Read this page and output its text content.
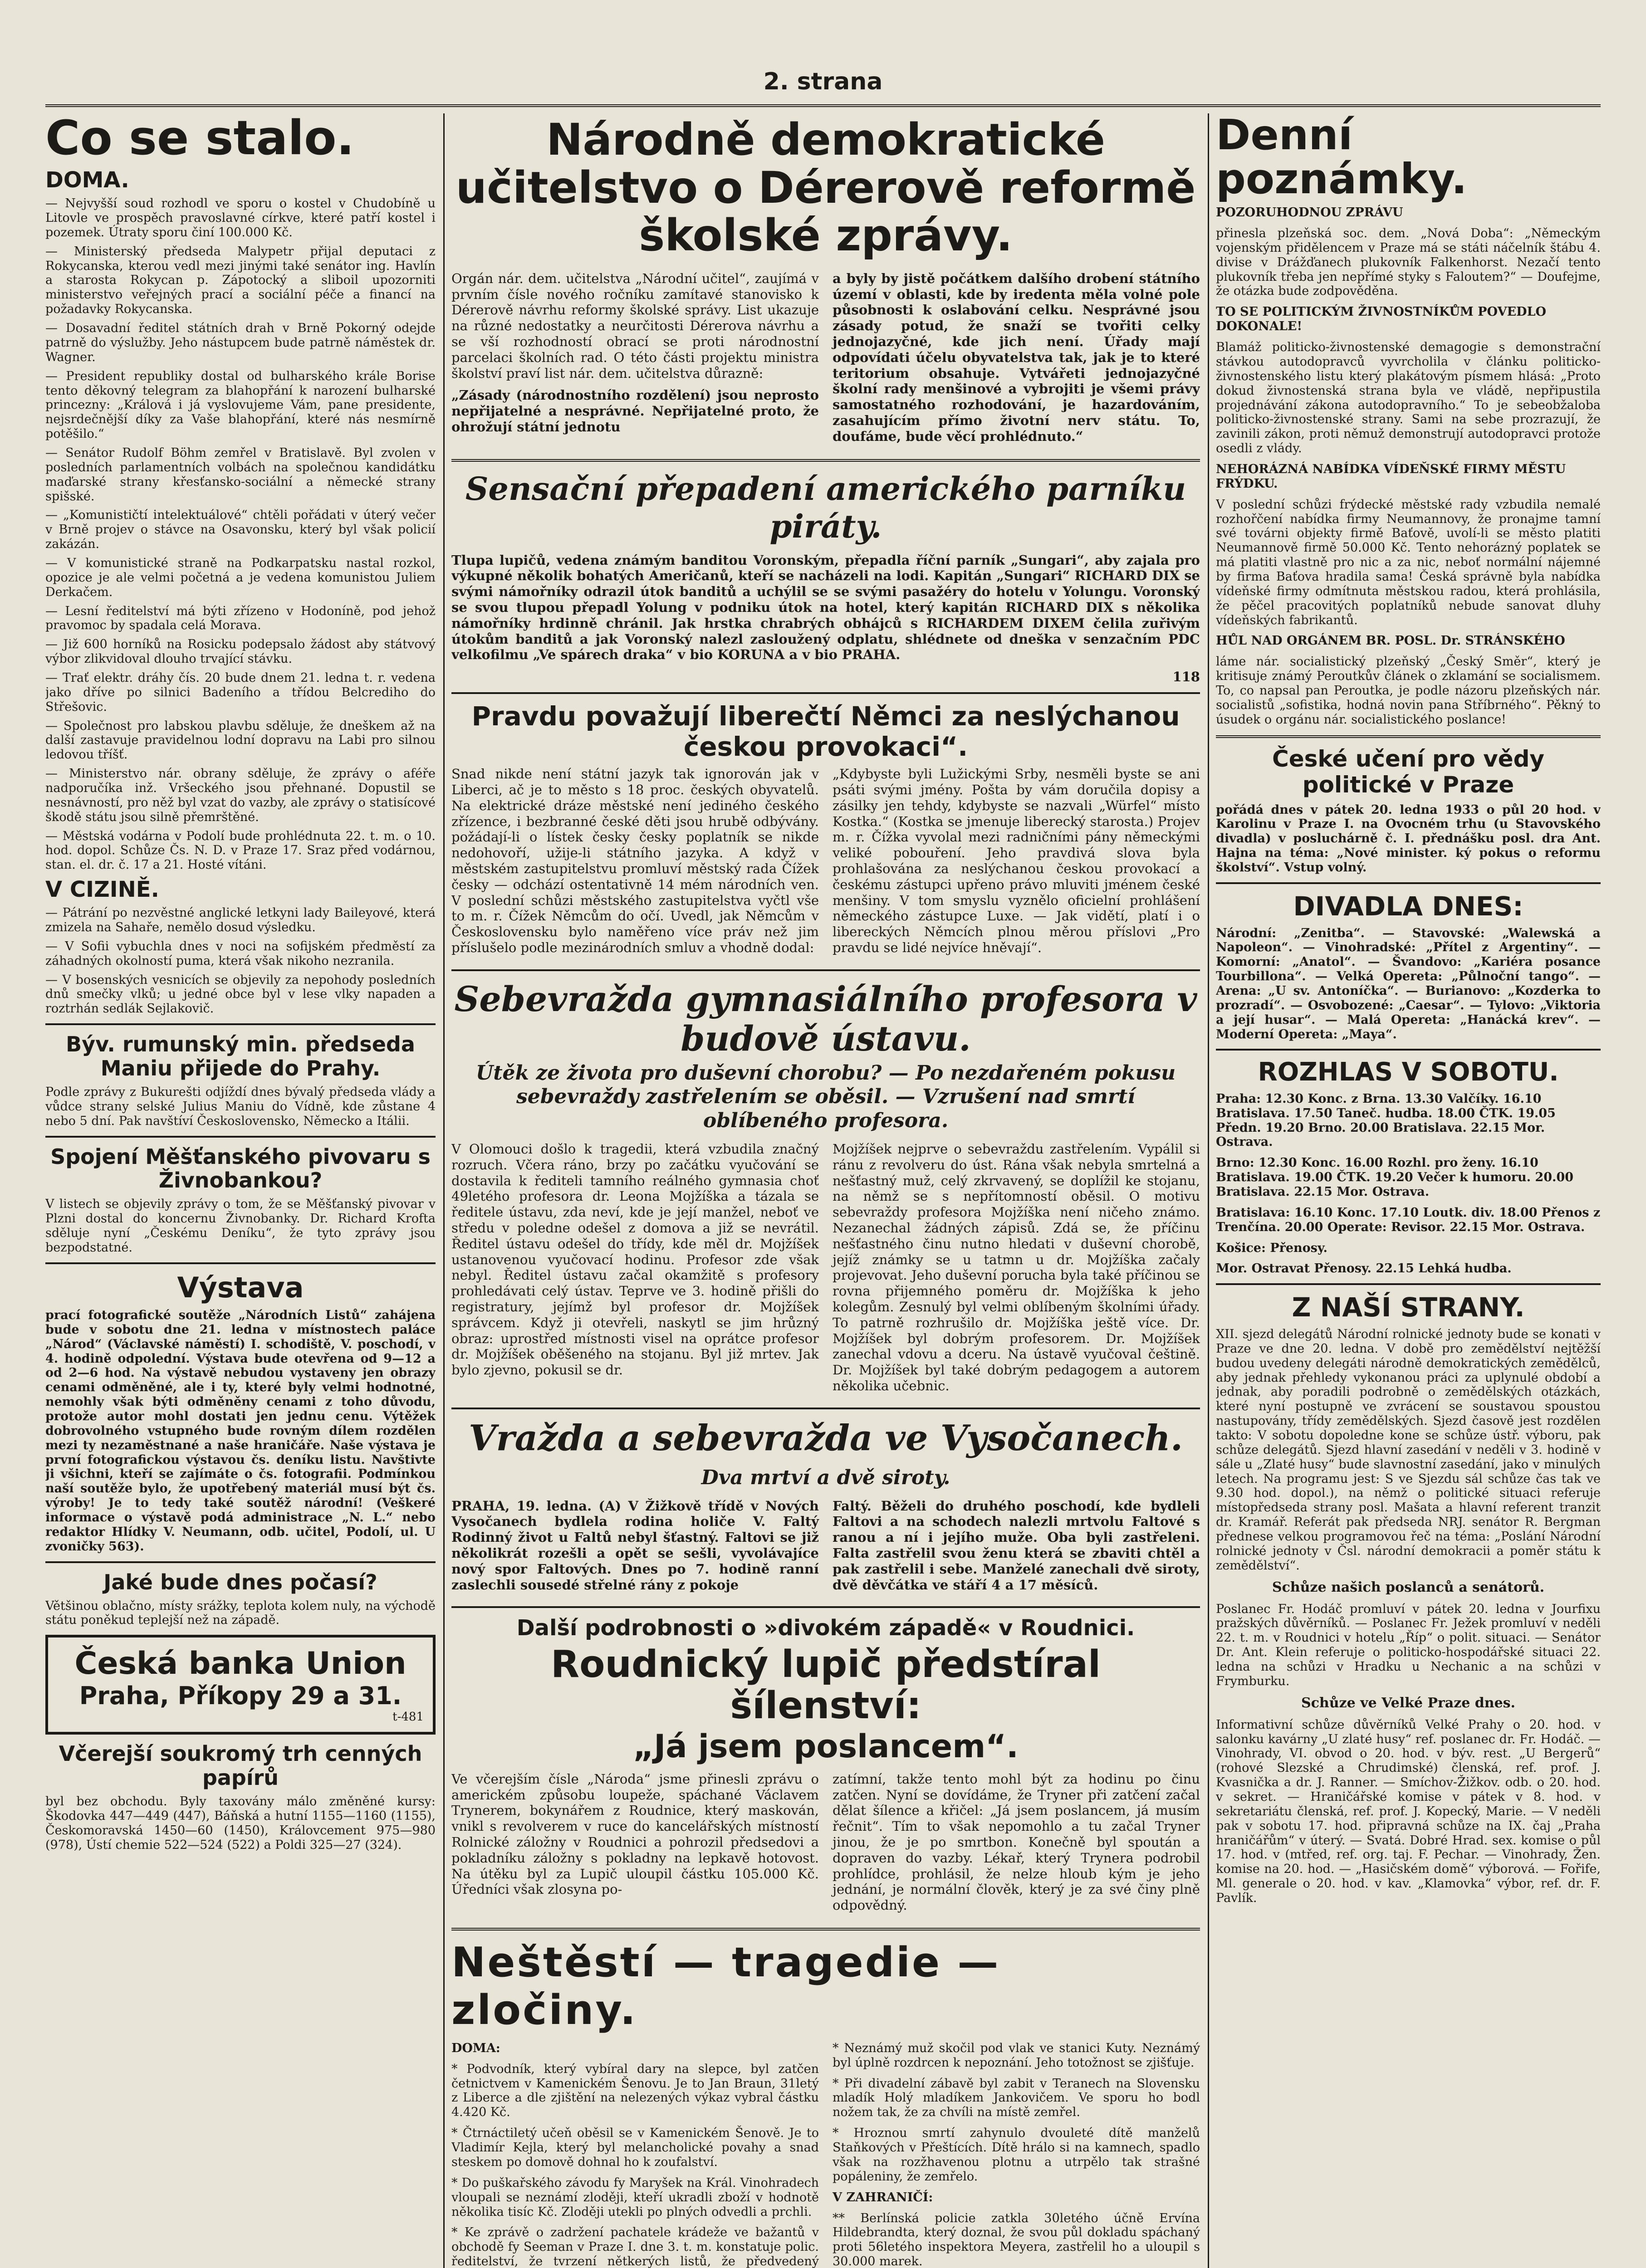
2. strana
Co se stalo.
DOMA.

— Nejvyšší soud rozhodl ve sporu o kostel v Chudobíně u Litovle ve prospěch pravoslavné církve, které patří kostel i pozemek. Útraty sporu činí 100.000 Kč.

— Ministerský předseda Malypetr přijal deputaci z Rokycanska, kterou vedl mezi jinými také senátor ing. Havlín a starosta Rokycan p. Zápotocký a sliboil upozorniti ministerstvo veřejných prací a sociální péče a financí na požadavky Rokycanska.

— Dosavadní ředitel státních drah v Brně Pokorný odejde patrně do výslužby. Jeho nástupcem bude patrně náměstek dr. Wagner.

— President republiky dostal od bulharského krále Borise tento děkovný telegram za blahopřání k narození bulharské princezny: „Králová i já vyslovujeme Vám, pane presidente, nejsrdečnější díky za Vaše blahopřání, které nás nesmírně potěšilo.“

— Senátor Rudolf Böhm zemřel v Bratislavě. Byl zvolen v posledních parlamentních volbách na společnou kandidátku maďarské strany křesťansko-sociální a německé strany spišské.

— „Komunističtí intelektuálové“ chtěli pořádati v úterý večer v Brně projev o stávce na Osavonsku, který byl však policií zakázán.

— V komunistické straně na Podkarpatsku nastal rozkol, opozice je ale velmi početná a je vedena komunistou Juliem Derkačem.

— Lesní ředitelství má býti zřízeno v Hodoníně, pod jehož pravomoc by spadala celá Morava.

— Již 600 horníků na Rosicku podepsalo žádost aby státvový výbor zlikvidoval dlouho trvající stávku.

— Trať elektr. dráhy čís. 20 bude dnem 21. ledna t. r. vedena jako dříve po silnici Badeního a třídou Belcrediho do Střešovic.

— Společnost pro labskou plavbu sděluje, že dneškem až na další zastavuje pravidelnou lodní dopravu na Labi pro silnou ledovou tříšť.

— Ministerstvo nár. obrany sděluje, že zprávy o aféře nadporučíka inž. Vršeckého jsou přehnané. Dopustil se nesnávností, pro něž byl vzat do vazby, ale zprávy o statisícové škodě státu jsou silně přemrštěné.

— Městská vodárna v Podolí bude prohlédnuta 22. t. m. o 10. hod. dopol. Schůze Čs. N. D. v Praze 17. Sraz před vodárnou, stan. el. dr. č. 17 a 21. Hosté vítáni.

V CIZINĚ.

— Pátrání po nezvěstné anglické letkyni lady Baileyové, která zmizela na Sahaře, nemělo dosud výsledku.

— V Sofii vybuchla dnes v noci na sofijském předměstí za záhadných okolností puma, která však nikoho nezranila.

— V bosenských vesnicích se objevily za nepohody posledních dnů smečky vlků; u jedné obce byl v lese vlky napaden a roztrhán sedlák Sejlakovič.

Býv. rumunský min. předseda Maniu přijede do Prahy.

Podle zprávy z Bukurešti odjíždí dnes bývalý předseda vlády a vůdce strany selské Julius Maniu do Vídně, kde zůstane 4 nebo 5 dní. Pak navštíví Československo, Německo a Itálii.

Spojení Měšťanského pivovaru s Živnobankou?

V listech se objevily zprávy o tom, že se Měšťanský pivovar v Plzni dostal do koncernu Živnobanky. Dr. Richard Krofta sděluje nyní „Českému Deníku“, že tyto zprávy jsou bezpodstatné.

Výstava

prací fotografické soutěže „Národních Listů“ zahájena bude v sobotu dne 21. ledna v místnostech paláce „Národ“ (Václavské náměstí) I. schodiště, V. poschodí, v 4. hodině odpolední. Výstava bude otevřena od 9—12 a od 2—6 hod. Na výstavě nebudou vystaveny jen obrazy cenami odměněné, ale i ty, které byly velmi hodnotné, nemohly však býti odměněny cenami z toho důvodu, protože autor mohl dostati jen jednu cenu. Výtěžek dobrovolného vstupného bude rovným dílem rozdělen mezi ty nezaměstnané a naše hraničáře. Naše výstava je první fotografickou výstavou čs. deníku listu. Navštivte ji všichni, kteří se zajímáte o čs. fotografii. Podmínkou naší soutěže bylo, že upotřebený materiál musí být čs. výroby! Je to tedy také soutěž národní! (Veškeré informace o výstavě podá administrace „N. L.“ nebo redaktor Hlídky V. Neumann, odb. učitel, Podolí, ul. U zvoničky 563).

Jaké bude dnes počasí?

Většinou oblačno, místy srážky, teplota kolem nuly, na východě státu poněkud teplejší než na západě.

Česká banka Union
Praha, Příkopy 29 a 31.
t-481
Včerejší soukromý trh cenných papírů

byl bez obchodu. Byly taxovány málo změněné kursy: Škodovka 447—449 (447), Báňská a hutní 1155—1160 (1155), Českomoravská 1450—60 (1450), Královcement 975—980 (978), Ústí chemie 522—524 (522) a Poldi 325—27 (324).

Národně demokratické učitelstvo o Dérerově reformě školské zprávy.

Orgán nár. dem. učitelstva „Národní učitel“, zaujímá v prvním čísle nového ročníku zamítavé stanovisko k Dérerově návrhu reformy školské správy. List ukazuje na různé nedostatky a neurčitosti Dérerova návrhu a se vší rozhodností obrací se proti národnostní parcelaci školních rad. O této části projektu ministra školství praví list nár. dem. učitelstva důrazně:

„Zásady (národnostního rozdělení) jsou neprosto nepřijatelné a nesprávné. Nepřijatelné proto, že ohrožují státní jednotu

a byly by jistě počátkem dalšího drobení státního území v oblasti, kde by iredenta měla volné pole působnosti k oslabování celku. Nesprávné jsou zásady potud, že snaží se tvořiti celky jednojazyčné, kde jich není. Úřady mají odpovídati účelu obyvatelstva tak, jak je to které teritorium obsahuje. Vytvářeti jednojazyčné školní rady menšinové a vybrojiti je všemi právy samostatného rozhodování, je hazardováním, zasahujícím přímo životní nerv státu. To, doufáme, bude věcí prohlédnuto.“

Sensační přepadení amerického parníku piráty.

Tlupa lupičů, vedena známým banditou Voronským, přepadla říční parník „Sungari“, aby zajala pro výkupné několik bohatých Američanů, kteří se nacházeli na lodi. Kapitán „Sungari“ RICHARD DIX se svými námořníky odrazil útok banditů a uchýlil se se svými pasažéry do hotelu v Yolungu. Voronský se svou tlupou přepadl Yolung v podniku útok na hotel, který kapitán RICHARD DIX s několika námořníky hrdinně chránil. Jak hrstka chrabrých obhájců s RICHARDEM DIXEM čelila zuřivým útokům banditů a jak Voronský nalezl zasloužený odplatu, shlédnete od dneška v senzačním PDC velkofilmu „Ve spárech draka“ v bio KORUNA a v bio PRAHA.

118

Pravdu považují liberečtí Němci za neslýchanou českou provokaci“.

Snad nikde není státní jazyk tak ignorován jak v Liberci, ač je to město s 18 proc. českých obyvatelů. Na elektrické dráze městské není jediného českého zřízence, i bezbranné české děti jsou hrubě odbývány. požádají-li o lístek česky česky poplatník se nikde nedohovoří, užije-li státního jazyka. A když v městském zastupitelstvu promluví městský rada Čížek česky — odchází ostentativně 14 mém národních ven. V poslední schůzi městského zastupitelstva vyčtl vše to m. r. Čížek Němcům do očí. Uvedl, jak Němcům v Československu bylo naměřeno více práv než jim příslušelo podle mezinárodních smluv a vhodně dodal:

„Kdybyste byli Lužickými Srby, nesměli byste se ani psáti svými jmény. Pošta by vám doručila dopisy a zásilky jen tehdy, kdybyste se nazvali „Würfel“ místo Kostka.“ (Kostka se jmenuje liberecký starosta.) Projev m. r. Čížka vyvolal mezi radničními pány německými veliké pobouření. Jeho pravdivá slova byla prohlašována za neslýchanou českou provokací a českému zástupci upřeno právo mluviti jménem české menšiny. V tom smyslu vyznělo oficielní prohlášení německého zástupce Luxe. — Jak vidětí, platí i o libereckých Němcích plnou měrou příslovi „Pro pravdu se lidé nejvíce hněvají“.

Sebevražda gymnasiálního profesora v budově ústavu.
Útěk ze života pro duševní chorobu? — Po nezdařeném pokusu sebevraždy zastřelením se oběsil. — Vzrušení nad smrtí oblíbeného profesora.

V Olomouci došlo k tragedii, která vzbudila značný rozruch. Včera ráno, brzy po začátku vyučování se dostavila k řediteli tamního reálného gymnasia choť 49letého profesora dr. Leona Mojžíška a tázala se ředitele ústavu, zda neví, kde je její manžel, neboť ve středu v poledne odešel z domova a již se nevrátil. Ředitel ústavu odešel do třídy, kde měl dr. Mojžíšek ustanovenou vyučovací hodinu. Profesor zde však nebyl. Ředitel ústavu začal okamžitě s profesory prohledávati celý ústav. Teprve ve 3. hodině přišli do registratury, jejímž byl profesor dr. Mojžíšek správcem. Když ji otevřeli, naskytl se jim hrůzný obraz: uprostřed místnosti visel na oprátce profesor dr. Mojžíšek oběšeného na stojanu. Byl již mrtev. Jak bylo zjevno, pokusil se dr.

Mojžíšek nejprve o sebevraždu zastřelením. Vypálil si ránu z revolveru do úst. Rána však nebyla smrtelná a nešťastný muž, celý zkrvavený, se doplížil ke stojanu, na němž se s nepřítomností oběsil. O motivu sebevraždy profesora Mojžíška není ničeho známo. Nezanechal žádných zápisů. Zdá se, že příčinu nešťastného činu nutno hledati v duševní chorobě, jejíž známky se u tatmn u dr. Mojžíška začaly projevovat. Jeho duševní porucha byla také příčinou se rovna přijemného poměru dr. Mojžíška k jeho kolegům. Zesnulý byl velmi oblíbeným školními úřady. To patrně rozhrušilo dr. Mojžíška ještě více. Dr. Mojžíšek byl dobrým profesorem. Dr. Mojžíšek zanechal vdovu a dceru. Na ústavě vyučoval češtině. Dr. Mojžíšek byl také dobrým pedagogem a autorem několika učebnic.

Vražda a sebevražda ve Vysočanech.
Dva mrtví a dvě siroty.

PRAHA, 19. ledna. (A) V Žižkově třídě v Nových Vysočanech bydlela rodina holiče V. Faltý Rodinný život u Faltů nebyl šťastný. Faltovi se již několikrát rozešli a opět se sešli, vyvolávajíce nový spor Faltových. Dnes po 7. hodině ranní zaslechli sousedé střelné rány z pokoje

Faltý. Běželi do druhého poschodí, kde bydleli Faltovi a na schodech nalezli mrtvolu Faltové s ranou a ní i jejího muže. Oba byli zastřeleni. Falta zastřelil svou ženu která se zbaviti chtěl a pak zastřelil i sebe. Manželé zanechali dvě siroty, dvě děvčátka ve stáří 4 a 17 měsíců.

Další podrobnosti o »divokém západě« v Roudnici.
Roudnický lupič předstíral šílenství:
„Já jsem poslancem“.

Ve včerejším čísle „Národa“ jsme přinesli zprávu o americkém způsobu loupeže, spáchané Václavem Trynerem, bokynářem z Roudnice, který maskován, vnikl s revolverem v ruce do kancelářských místností Rolnické záložny v Roudnici a pohrozil předsedovi a pokladníku záložny s pokladny na lepkavě hotovost. Na útěku byl za Lupič uloupil částku 105.000 Kč. Úředníci však zlosyna po-

zatímní, takže tento mohl být za hodinu po činu zatčen. Nyní se dovídáme, že Tryner při zatčení začal dělat šílence a křičel: „Já jsem poslancem, já musím řečnit“. Tím to však nepomohlo a tu začal Tryner jinou, že je po smrtbon. Konečně byl spoután a dopraven do vazby. Lékař, který Trynera podrobil prohlídce, prohlásil, že nelze hloub kým je jeho jednání, je normální člověk, který je za své činy plně odpovědný.

Neštěstí — tragedie — zločiny.

DOMA:

* Podvodník, který vybíral dary na slepce, byl zatčen četnictvem v Kamenickém Šenovu. Je to Jan Braun, 31letý z Liberce a dle zjištění na nelezených výkaz vybral částku 4.420 Kč.

* Čtrnáctiletý učeň oběsil se v Kamenickém Šenově. Je to Vladimír Kejla, který byl melancholické povahy a snad steskem po domově dohnal ho k zoufalství.

* Do puškařského závodu fy Maryšek na Král. Vinohradech vloupali se neznámí zloději, kteří ukradli zboží v hodnotě několika tisíc Kč. Zloději utekli po plných odvedli a prchli.

* Ke zprávě o zadržení pachatele krádeže ve bažantů v obchodě fy Seeman v Praze I. dne 3. t. m. konstatuje polic. ředitelství, že tvrzení nětkerých listů, že předvedený

* Neznámý muž skočil pod vlak ve stanici Kuty. Neznámý byl úplně rozdrcen k nepoznání. Jeho totožnost se zjišťuje.

* Při divadelní zábavě byl zabit v Teranech na Slovensku mladík Holý mladíkem Jankovičem. Ve sporu ho bodl nožem tak, že za chvíli na místě zemřel.

* Hroznou smrtí zahynulo dvouleté dítě manželů Staňkových v Přeštících. Dítě hrálo si na kamnech, spadlo však na rozžhavenou plotnu a utrpělo tak strašné popáleniny, že zemřelo.

V ZAHRANIČÍ:

** Berlínská policie zatkla 30letého účně Ervína Hildebrandta, který doznal, že svou půl dokladu spáchaný proti 56letého inspektora Meyera, zastřelil ho a uloupil s 30.000 marek.

Denní poznámky.

POZORUHODNOU ZPRÁVU

přinesla plzeňská soc. dem. „Nová Doba“: „Německým vojenským přidělencem v Praze má se státi náčelník štábu 4. divise v Drážďanech plukovník Falkenhorst. Nezačí tento plukovník třeba jen nepřímé styky s Faloutem?“ — Doufejme, že otázka bude zodpověděna.

TO SE POLITICKÝM ŽIVNOSTNÍKŮM POVEDLO DOKONALE!

Blamáž politicko-živnostenské demagogie s demonstrační stávkou autodopravců vyvrcholila v článku politicko-živnostenského listu který plakátovým písmem hlásá: „Proto dokud živnostenská strana byla ve vládě, nepřipustila projednávání zákona autodopravního.“ To je sebeobžaloba politicko-živnostenské strany. Sami na sebe prozrazují, že zavinili zákon, proti němuž demonstrují autodopravci protože osedli z vlády.

NEHORÁZNÁ NABÍDKA VÍDEŇSKÉ FIRMY MĚSTU FRÝDKU.

V poslední schůzi frýdecké městské rady vzbudila nemalé rozhořčení nabídka firmy Neumannovy, že pronajme tamní své továrni objekty firmě Baťově, uvolí-li se město platiti Neumannově firmě 50.000 Kč. Tento nehorázný poplatek se má platiti vlastně pro nic a za nic, neboť normální nájemné by firma Baťova hradila sama! Česká správně byla nabídka vídeňské firmy odmítnuta městskou radou, která prohlásila, že pěčel pracovitých poplatníků nebude sanovat dluhy vídeňských fabrikantů.

HŮL NAD ORGÁNEM BR. POSL. Dr. STRÁNSKÉHO

láme nár. socialistický plzeňský „Český Směr“, který je kritisuje známý Peroutkův článek o zklamání se socialismem. To, co napsal pan Peroutka, je podle názoru plzeňských nár. socialistů „sofistika, hodná novin pana Stříbrného“. Pěkný to úsudek o orgánu nár. socialistického poslance!

České učení pro vědy politické v Praze

pořádá dnes v pátek 20. ledna 1933 o půl 20 hod. v Karolinu v Praze I. na Ovocném trhu (u Stavovského divadla) v posluchárně č. I. přednášku posl. dra Ant. Hajna na téma: „Nové minister. ký pokus o reformu školství“. Vstup volný.

DIVADLA DNES:

Národní: „Zenitba“. — Stavovské: „Walewská a Napoleon“. — Vinohradské: „Přítel z Argentiny“. — Komorní: „Anatol“. — Švandovo: „Kariéra posance Tourbillona“. — Velká Opereta: „Půlnoční tango“. — Arena: „U sv. Antoníčka“. — Burianovo: „Kozderka to prozradí“. — Osvobozené: „Caesar“. — Tylovo: „Viktoria a její husar“. — Malá Opereta: „Hanácká krev“. — Moderní Opereta: „Maya“.

ROZHLAS V SOBOTU.

Praha: 12.30 Konc. z Brna. 13.30 Valčíky. 16.10 Bratislava. 17.50 Taneč. hudba. 18.00 ČTK. 19.05 Předn. 19.20 Brno. 20.00 Bratislava. 22.15 Mor. Ostrava.

Brno: 12.30 Konc. 16.00 Rozhl. pro ženy. 16.10 Bratislava. 19.00 ČTK. 19.20 Večer k humoru. 20.00 Bratislava. 22.15 Mor. Ostrava.

Bratislava: 16.10 Konc. 17.10 Loutk. div. 18.00 Přenos z Trenčína. 20.00 Operate: Revisor. 22.15 Mor. Ostrava.

Košice: Přenosy.

Mor. Ostravat Přenosy. 22.15 Lehká hudba.

Z NAŠÍ STRANY.

XII. sjezd delegátů Národní rolnické jednoty bude se konati v Praze ve dne 20. ledna. V době pro zemědělství nejtěžší budou uvedeny delegáti národně demokratických zemědělců, aby jednak přehledy vykonanou práci za uplynulé období a jednak, aby poradili podrobně o zemědělských otázkách, které nyní postupně ve zvrácení se soustavou spoustou nastupovány, třídy zemědělských. Sjezd časově jest rozdělen takto: V sobotu dopoledne kone se schůze ústř. výboru, pak schůze delegátů. Sjezd hlavní zasedání v neděli v 3. hodině v sále u „Zlaté husy“ bude slavnostní zasedání, jako v minulých letech. Na programu jest: S ve Sjezdu sál schůze čas tak ve 9.30 hod. dopol.), na němž o politické situaci referuje místopředseda strany posl. Mašata a hlavní referent tranzit dr. Kramář. Referát pak předseda NRJ. senátor R. Bergman přednese velkou programovou řeč na téma: „Poslání Národní rolnické jednoty v Čsl. národní demokracii a poměr státu k zemědělství“.

Schůze našich poslanců a senátorů.

Poslanec Fr. Hodáč promluví v pátek 20. ledna v Jourfixu pražských důvěrníků. — Poslanec Fr. Ježek promluví v neděli 22. t. m. v Roudnici v hotelu „Říp“ o polit. situaci. — Senátor Dr. Ant. Klein referuje o politicko-hospodářské situaci 22. ledna na schůzi v Hradku u Nechanic a na schůzi v Frymburku.

Schůze ve Velké Praze dnes.

Informativní schůze důvěrníků Velké Prahy o 20. hod. v salonku kavárny „U zlaté husy“ ref. poslanec dr. Fr. Hodáč. — Vinohrady, VI. obvod o 20. hod. v býv. rest. „U Bergerů“ (rohové Slezské a Chrudimské) členská, ref. prof. J. Kvasnička a dr. J. Ranner. — Smíchov-Žižkov. odb. o 20. hod. v sekret. — Hraničářské komise v pátek v 8. hod. v sekretariátu členská, ref. prof. J. Kopecký, Marie. — V neděli pak v sobotu 17. hod. připravná schůze na IX. čaj „Praha hraničářům“ v úterý. — Svatá. Dobré Hrad. sex. komise o půl 17. hod. v (mtřed, ref. org. taj. F. Pechar. — Vinohrady, Žen. komise na 20. hod. — „Hasičském domě“ výborová. — Fořife, Ml. generale o 20. hod. v kav. „Klamovka“ výbor, ref. dr. F. Pavlík.
